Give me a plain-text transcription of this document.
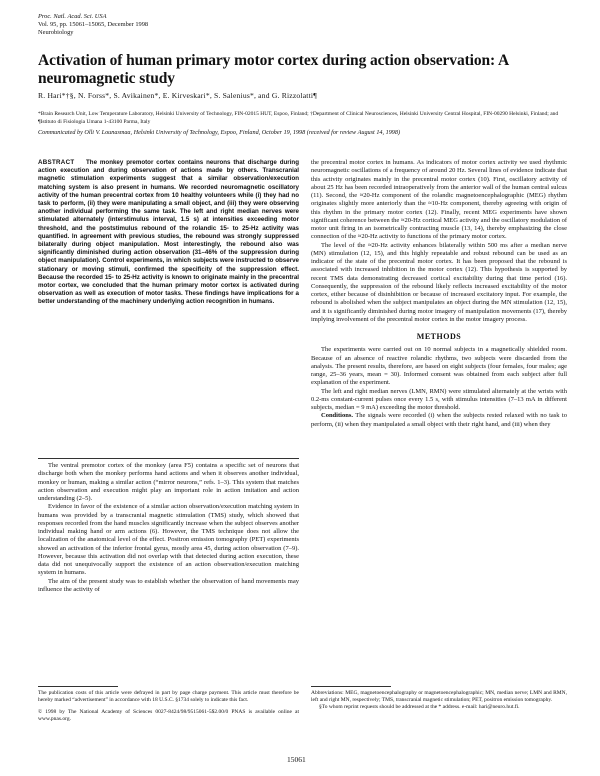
Proc. Natl. Acad. Sci. USA
Vol. 95, pp. 15061–15065, December 1998
Neurobiology
Activation of human primary motor cortex during action observation: A neuromagnetic study
R. Hari*†§, N. Forss*, S. Avikainen*, E. Kirveskari*, S. Salenius*, and G. Rizzolatti¶
*Brain Research Unit, Low Temperature Laboratory, Helsinki University of Technology, FIN-02015 HUT, Espoo, Finland; †Department of Clinical Neurosciences, Helsinki University Central Hospital, FIN-00290 Helsinki, Finland; and ¶Istituto di Fisiologia Umana 1-43100 Parma, Italy
Communicated by Olli V. Lounasmaa, Helsinki University of Technology, Espoo, Finland, October 19, 1998 (received for review August 14, 1998)
ABSTRACT The monkey premotor cortex contains neurons that discharge during action execution and during observation of actions made by others. Transcranial magnetic stimulation experiments suggest that a similar observation/execution matching system is also present in humans. We recorded neuromagnetic oscillatory activity of the human precentral cortex from 10 healthy volunteers while (i) they had no task to perform, (ii) they were manipulating a small object, and (iii) they were observing another individual performing the same task. The left and right median nerves were stimulated alternately (interstimulus interval, 1.5 s) at intensities exceeding motor threshold, and the poststimulus rebound of the rolandic 15- to 25-Hz activity was quantified. In agreement with previous studies, the rebound was strongly suppressed bilaterally during object manipulation. Most interestingly, the rebound also was significantly diminished during action observation (31–46% of the suppression during object manipulation). Control experiments, in which subjects were instructed to observe stationary or moving stimuli, confirmed the specificity of the suppression effect. Because the recorded 15- to 25-Hz activity is known to originate mainly in the precentral motor cortex, we concluded that the human primary motor cortex is activated during observation as well as execution of motor tasks. These findings have implications for a better understanding of the machinery underlying action recognition in humans.

The ventral premotor cortex of the monkey (area F5) contains a specific set of neurons that discharge both when the monkey performs hand actions and when it observes another individual, monkey or human, making a similar action (“mirror neurons,” refs. 1–3). This system that matches action observation and execution might play an important role in action imitation and action understanding (2–5).

Evidence in favor of the existence of a similar action observation/execution matching system in humans was provided by a transcranial magnetic stimulation (TMS) study, which showed that responses recorded from the hand muscles significantly increase when the subject observes another individual making hand or arm actions (6). However, the TMS technique does not allow the localization of the anatomical level of the effect. Positron emission tomography (PET) experiments showed an activation of the inferior frontal gyrus, mostly area 45, during action observation (7–9). However, because this activation did not overlap with that detected during action execution, these data did not unequivocally support the existence of an action observation/execution matching system in humans.

The aim of the present study was to establish whether the observation of hand movements may influence the activity of

the precentral motor cortex in humans. As indicators of motor cortex activity we used rhythmic neuromagnetic oscillations of a frequency of around 20 Hz. Several lines of evidence indicate that this activity originates mainly in the precentral motor cortex (10). First, oscillatory activity of about 25 Hz has been recorded intraoperatively from the anterior wall of the human central sulcus (11). Second, the ≈20-Hz component of the rolandic magnetoencephalographic (MEG) rhythm originates slightly more anteriorly than the ≈10-Hz component, thereby agreeing with origin of this rhythm in the primary motor cortex (12). Finally, recent MEG experiments have shown significant coherence between the ≈20-Hz cortical MEG activity and the oscillatory modulation of motor unit firing in an isometrically contracting muscle (13, 14), thereby emphasizing the close connection of the ≈20-Hz activity to functions of the primary motor cortex.

The level of the ≈20-Hz activity enhances bilaterally within 500 ms after a median nerve (MN) stimulation (12, 15), and this highly repeatable and robust rebound can be used as an indicator of the state of the precentral motor cortex. It has been proposed that the rebound is associated with increased inhibition in the motor cortex (12). This hypothesis is supported by recent TMS data demonstrating decreased cortical excitability during that time period (16). Consequently, the suppression of the rebound likely reflects increased excitability of the motor cortex, either because of disinhibition or because of increased excitatory input. For example, the rebound is abolished when the subject manipulates an object during the MN stimulation (12, 15), and it is significantly diminished during motor imagery of manipulation movements (17), thereby implying involvement of the precentral motor cortex in the motor imagery process.

METHODS

The experiments were carried out on 10 normal subjects in a magnetically shielded room. Because of an absence of reactive rolandic rhythms, two subjects were discarded from the analysis. The present results, therefore, are based on eight subjects (four females, four males; age range, 25–36 years, mean = 30). Informed consent was obtained from each subject after full explanation of the experiment.

The left and right median nerves (LMN, RMN) were stimulated alternately at the wrists with 0.2-ms constant-current pulses once every 1.5 s, with stimulus intensities (7–13 mA in different subjects, median = 9 mA) exceeding the motor threshold.

Conditions. The signals were recorded (i) when the subjects rested relaxed with no task to perform, (ii) when they manipulated a small object with their right hand, and (iii) when they

The publication costs of this article were defrayed in part by page charge payment. This article must therefore be hereby marked “advertisement” in accordance with 18 U.S.C. §1734 solely to indicate this fact.
© 1998 by The National Academy of Sciences 0027-8424/98/9515061-5$2.00/0 PNAS is available online at www.pnas.org.
Abbreviations: MEG, magnetoencephalography or magnetoencephalographic; MN, median nerve; LMN and RMN, left and right MN, respectively; TMS, transcranial magnetic stimulation; PET, positron emission tomography.
§To whom reprint requests should be addressed at the * address. e-mail: hari@neuro.hut.fi.
15061
